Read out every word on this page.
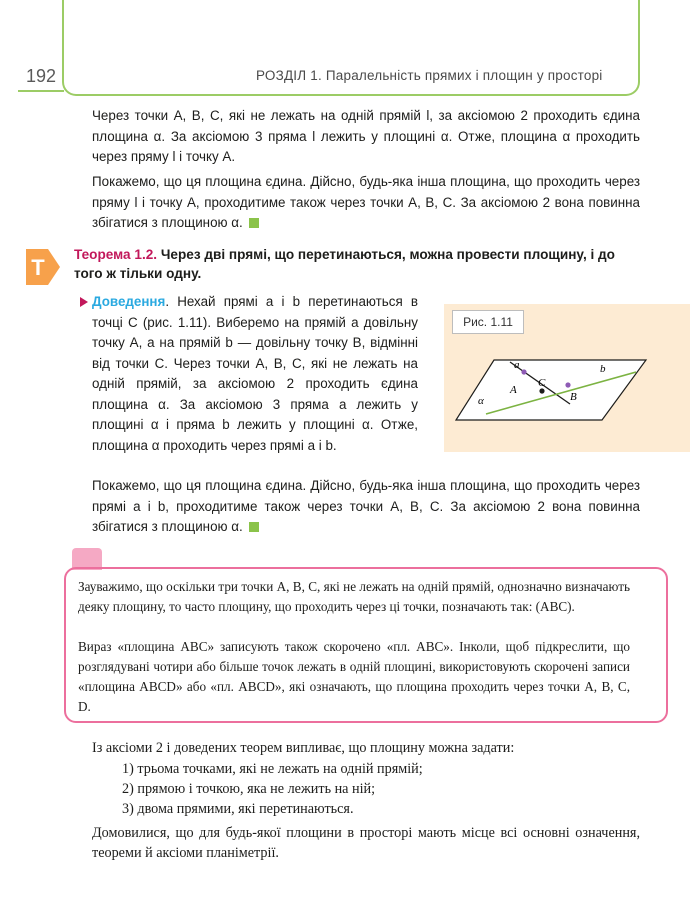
192	РОЗДІЛ 1. Паралельність прямих і площин у просторі
Через точки A, B, C, які не лежать на одній прямій l, за аксіомою 2 проходить єдина площина α. За аксіомою 3 пряма l лежить у площині α. Отже, площина α проходить через пряму l і точку A.
Покажемо, що ця площина єдина. Дійсно, будь-яка інша площина, що проходить через пряму l і точку A, проходитиме також через точки A, B, C. За аксіомою 2 вона повинна збігатися з площиною α.
Т
Теорема 1.2. Через дві прямі, що перетинаються, можна провести площину, і до того ж тільки одну.
Доведення. Нехай прямі a і b перетинаються в точці C (рис. 1.11). Виберемо на прямій a довільну точку A, а на прямій b — довільну точку B, відмінні від точки C. Через точки A, B, C, які не лежать на одній прямій, за аксіомою 2 проходить єдина площина α. За аксіомою 3 пряма a лежить у площині α і пряма b лежить у площині α. Отже, площина α проходить через прямі a і b.
Покажемо, що ця площина єдина. Дійсно, будь-яка інша площина, що проходить через прямі a і b, проходитиме також через точки A, B, C. За аксіомою 2 вона повинна збігатися з площиною α.
Рис. 1.11
a	b
A
C
B
α
Зауважимо, що оскільки три точки A, B, C, які не лежать на одній прямій, однозначно визначають деяку площину, то часто площину, що проходить через ці точки, позначають так: (ABC).
Вираз «площина ABC» записують також скорочено «пл. ABC». Інколи, щоб підкреслити, що розглядувані чотири або більше точок лежать в одній площині, використовують скорочені записи «площина ABCD» або «пл. ABCD», які означають, що площина проходить через точки A, B, C, D.
Із аксіоми 2 і доведених теорем випливає, що площину можна задати:
1) трьома точками, які не лежать на одній прямій;
2) прямою і точкою, яка не лежить на ній;
3) двома прямими, які перетинаються.
Домовилися, що для будь-якої площини в просторі мають місце всі основні означення, теореми й аксіоми планіметрії.
